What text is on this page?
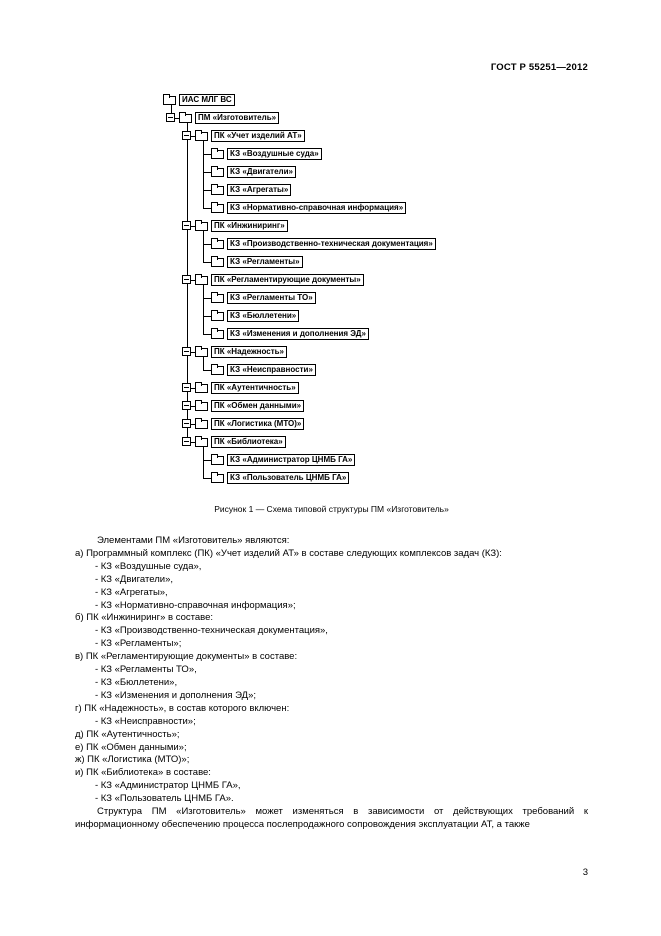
ГОСТ Р 55251—2012
ИАС МЛГ ВС
ПМ «Изготовитель»
ПК «Учет изделий АТ»
КЗ «Воздушные суда»
КЗ «Двигатели»
КЗ «Агрегаты»
КЗ «Нормативно-справочная информация»
ПК «Инжиниринг»
КЗ «Производственно-техническая документация»
КЗ «Регламенты»
ПК «Регламентирующие документы»
КЗ «Регламенты ТО»
КЗ «Бюллетени»
КЗ «Изменения и дополнения ЭД»
ПК «Надежность»
КЗ «Неисправности»
ПК «Аутентичность»
ПК «Обмен данными»
ПК «Логистика (МТО)»
ПК «Библиотека»
КЗ «Администратор ЦНМБ ГА»
КЗ «Пользователь ЦНМБ ГА»
Рисунок 1 — Схема типовой структуры ПМ «Изготовитель»
Элементами ПМ «Изготовитель» являются:
а) Программный комплекс (ПК) «Учет изделий АТ» в составе следующих комплексов задач (КЗ):
- КЗ «Воздушные суда»,
- КЗ «Двигатели»,
- КЗ «Агрегаты»,
- КЗ «Нормативно-справочная информация»;
б) ПК «Инжиниринг» в составе:
- КЗ «Производственно-техническая документация»,
- КЗ «Регламенты»;
в) ПК «Регламентирующие документы» в составе:
- КЗ «Регламенты ТО»,
- КЗ «Бюллетени»,
- КЗ «Изменения и дополнения ЭД»;
г) ПК «Надежность», в состав которого включен:
- КЗ «Неисправности»;
д) ПК «Аутентичность»;
е) ПК «Обмен данными»;
ж) ПК «Логистика (МТО)»;
и) ПК «Библиотека» в составе:
- КЗ «Администратор ЦНМБ ГА»,
- КЗ «Пользователь ЦНМБ ГА».
Структура ПМ «Изготовитель» может изменяться в зависимости от действующих требований к информационному обеспечению процесса послепродажного сопровождения эксплуатации АТ, а также
3
